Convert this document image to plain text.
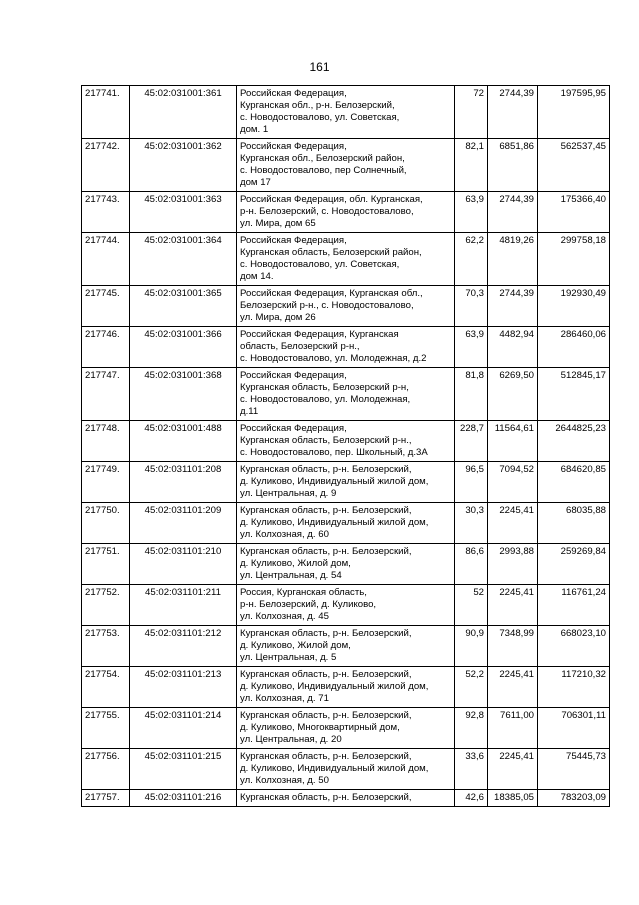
161
217741.	45:02:031001:361	Российская Федерация,
Курганская обл., р-н. Белозерский,
с. Новодостовалово, ул. Советская,
дом. 1	72	2744,39	197595,95
217742.	45:02:031001:362	Российская Федерация,
Курганская обл., Белозерский район,
с. Новодостовалово, пер Солнечный,
дом 17	82,1	6851,86	562537,45
217743.	45:02:031001:363	Российская Федерация, обл. Курганская,
р-н. Белозерский, с. Новодостовалово,
ул. Мира, дом 65	63,9	2744,39	175366,40
217744.	45:02:031001:364	Российская Федерация,
Курганская область, Белозерский район,
с. Новодостовалово, ул. Советская,
дом 14.	62,2	4819,26	299758,18
217745.	45:02:031001:365	Российская Федерация, Курганская обл.,
Белозерский р-н., с. Новодостовалово,
ул. Мира, дом 26	70,3	2744,39	192930,49
217746.	45:02:031001:366	Российская Федерация, Курганская
область, Белозерский р-н.,
с. Новодостовалово, ул. Молодежная, д.2	63,9	4482,94	286460,06
217747.	45:02:031001:368	Российская Федерация,
Курганская область, Белозерский р-н,
с. Новодостовалово, ул. Молодежная,
д.11	81,8	6269,50	512845,17
217748.	45:02:031001:488	Российская Федерация,
Курганская область, Белозерский р-н.,
с. Новодостовалово, пер. Школьный, д.3А	228,7	11564,61	2644825,23
217749.	45:02:031101:208	Курганская область, р-н. Белозерский,
д. Куликово, Индивидуальный жилой дом,
ул. Центральная, д. 9	96,5	7094,52	684620,85
217750.	45:02:031101:209	Курганская область, р-н. Белозерский,
д. Куликово, Индивидуальный жилой дом,
ул. Колхозная, д. 60	30,3	2245,41	68035,88
217751.	45:02:031101:210	Курганская область, р-н. Белозерский,
д. Куликово, Жилой дом,
ул. Центральная, д. 54	86,6	2993,88	259269,84
217752.	45:02:031101:211	Россия, Курганская область,
р-н. Белозерский, д. Куликово,
ул. Колхозная, д. 45	52	2245,41	116761,24
217753.	45:02:031101:212	Курганская область, р-н. Белозерский,
д. Куликово, Жилой дом,
ул. Центральная, д. 5	90,9	7348,99	668023,10
217754.	45:02:031101:213	Курганская область, р-н. Белозерский,
д. Куликово, Индивидуальный жилой дом,
ул. Колхозная, д. 71	52,2	2245,41	117210,32
217755.	45:02:031101:214	Курганская область, р-н. Белозерский,
д. Куликово, Многоквартирный дом,
ул. Центральная, д. 20	92,8	7611,00	706301,11
217756.	45:02:031101:215	Курганская область, р-н. Белозерский,
д. Куликово, Индивидуальный жилой дом,
ул. Колхозная, д. 50	33,6	2245,41	75445,73
217757.	45:02:031101:216	Курганская область, р-н. Белозерский,	42,6	18385,05	783203,09
